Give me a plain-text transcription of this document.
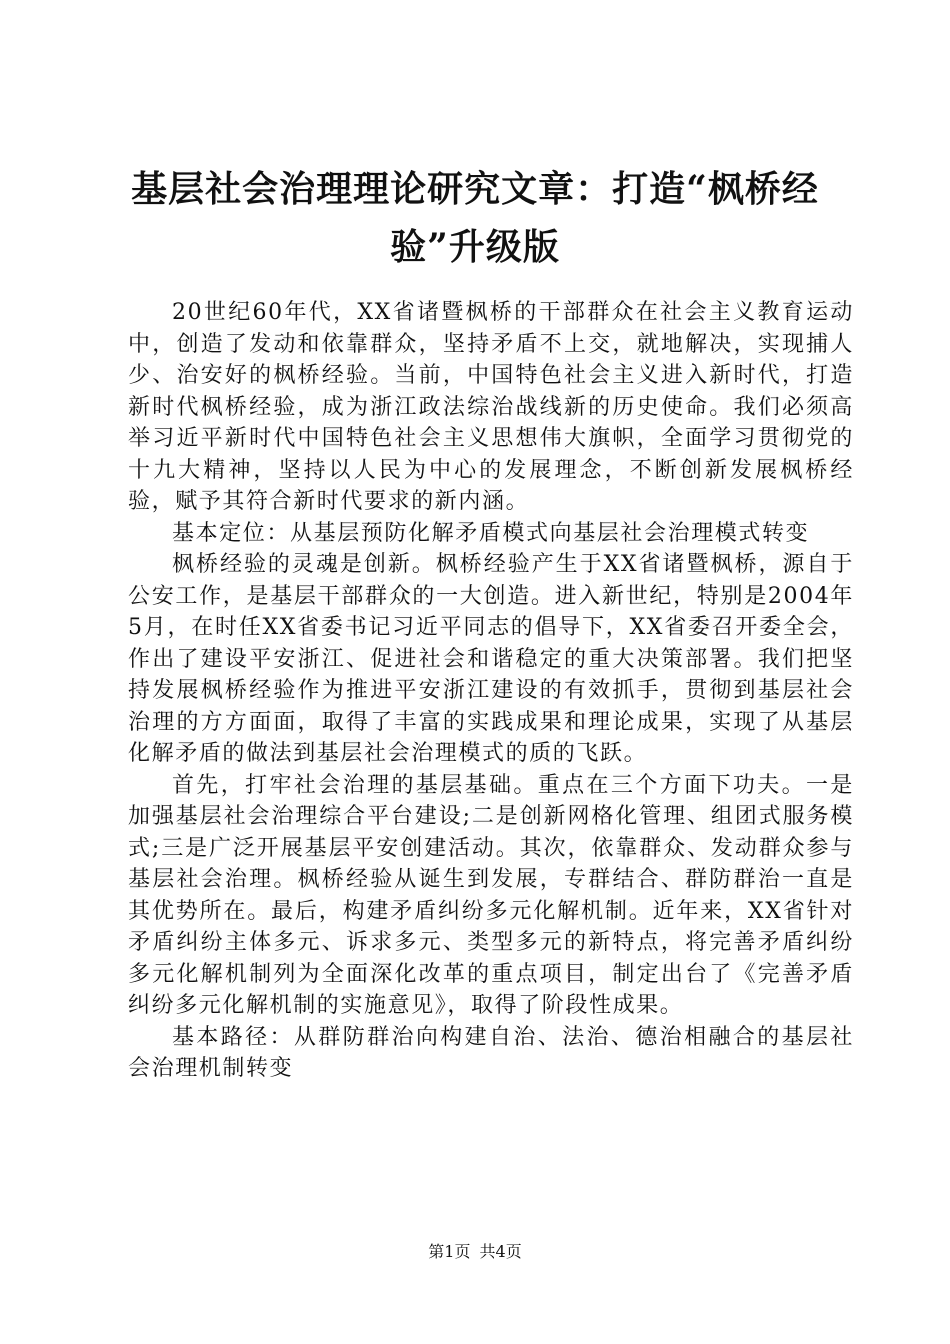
基层社会治理理论研究文章：打造“枫桥经验”升级版

20世纪60年代，XX省诸暨枫桥的干部群众在社会主义教育运动中，创造了发动和依靠群众，坚持矛盾不上交，就地解决，实现捕人少、治安好的枫桥经验。当前，中国特色社会主义进入新时代，打造新时代枫桥经验，成为浙江政法综治战线新的历史使命。我们必须高举习近平新时代中国特色社会主义思想伟大旗帜，全面学习贯彻党的十九大精神，坚持以人民为中心的发展理念，不断创新发展枫桥经验，赋予其符合新时代要求的新内涵。

基本定位：从基层预防化解矛盾模式向基层社会治理模式转变

枫桥经验的灵魂是创新。枫桥经验产生于XX省诸暨枫桥，源自于公安工作，是基层干部群众的一大创造。进入新世纪，特别是2004年5月，在时任XX省委书记习近平同志的倡导下，XX省委召开委全会，作出了建设平安浙江、促进社会和谐稳定的重大决策部署。我们把坚持发展枫桥经验作为推进平安浙江建设的有效抓手，贯彻到基层社会治理的方方面面，取得了丰富的实践成果和理论成果，实现了从基层化解矛盾的做法到基层社会治理模式的质的飞跃。

首先，打牢社会治理的基层基础。重点在三个方面下功夫。一是加强基层社会治理综合平台建设;二是创新网格化管理、组团式服务模式;三是广泛开展基层平安创建活动。其次，依靠群众、发动群众参与基层社会治理。枫桥经验从诞生到发展，专群结合、群防群治一直是其优势所在。最后，构建矛盾纠纷多元化解机制。近年来，XX省针对矛盾纠纷主体多元、诉求多元、类型多元的新特点，将完善矛盾纠纷多元化解机制列为全面深化改革的重点项目，制定出台了《完善矛盾纠纷多元化解机制的实施意见》，取得了阶段性成果。

基本路径：从群防群治向构建自治、法治、德治相融合的基层社会治理机制转变

第1页 共4页
